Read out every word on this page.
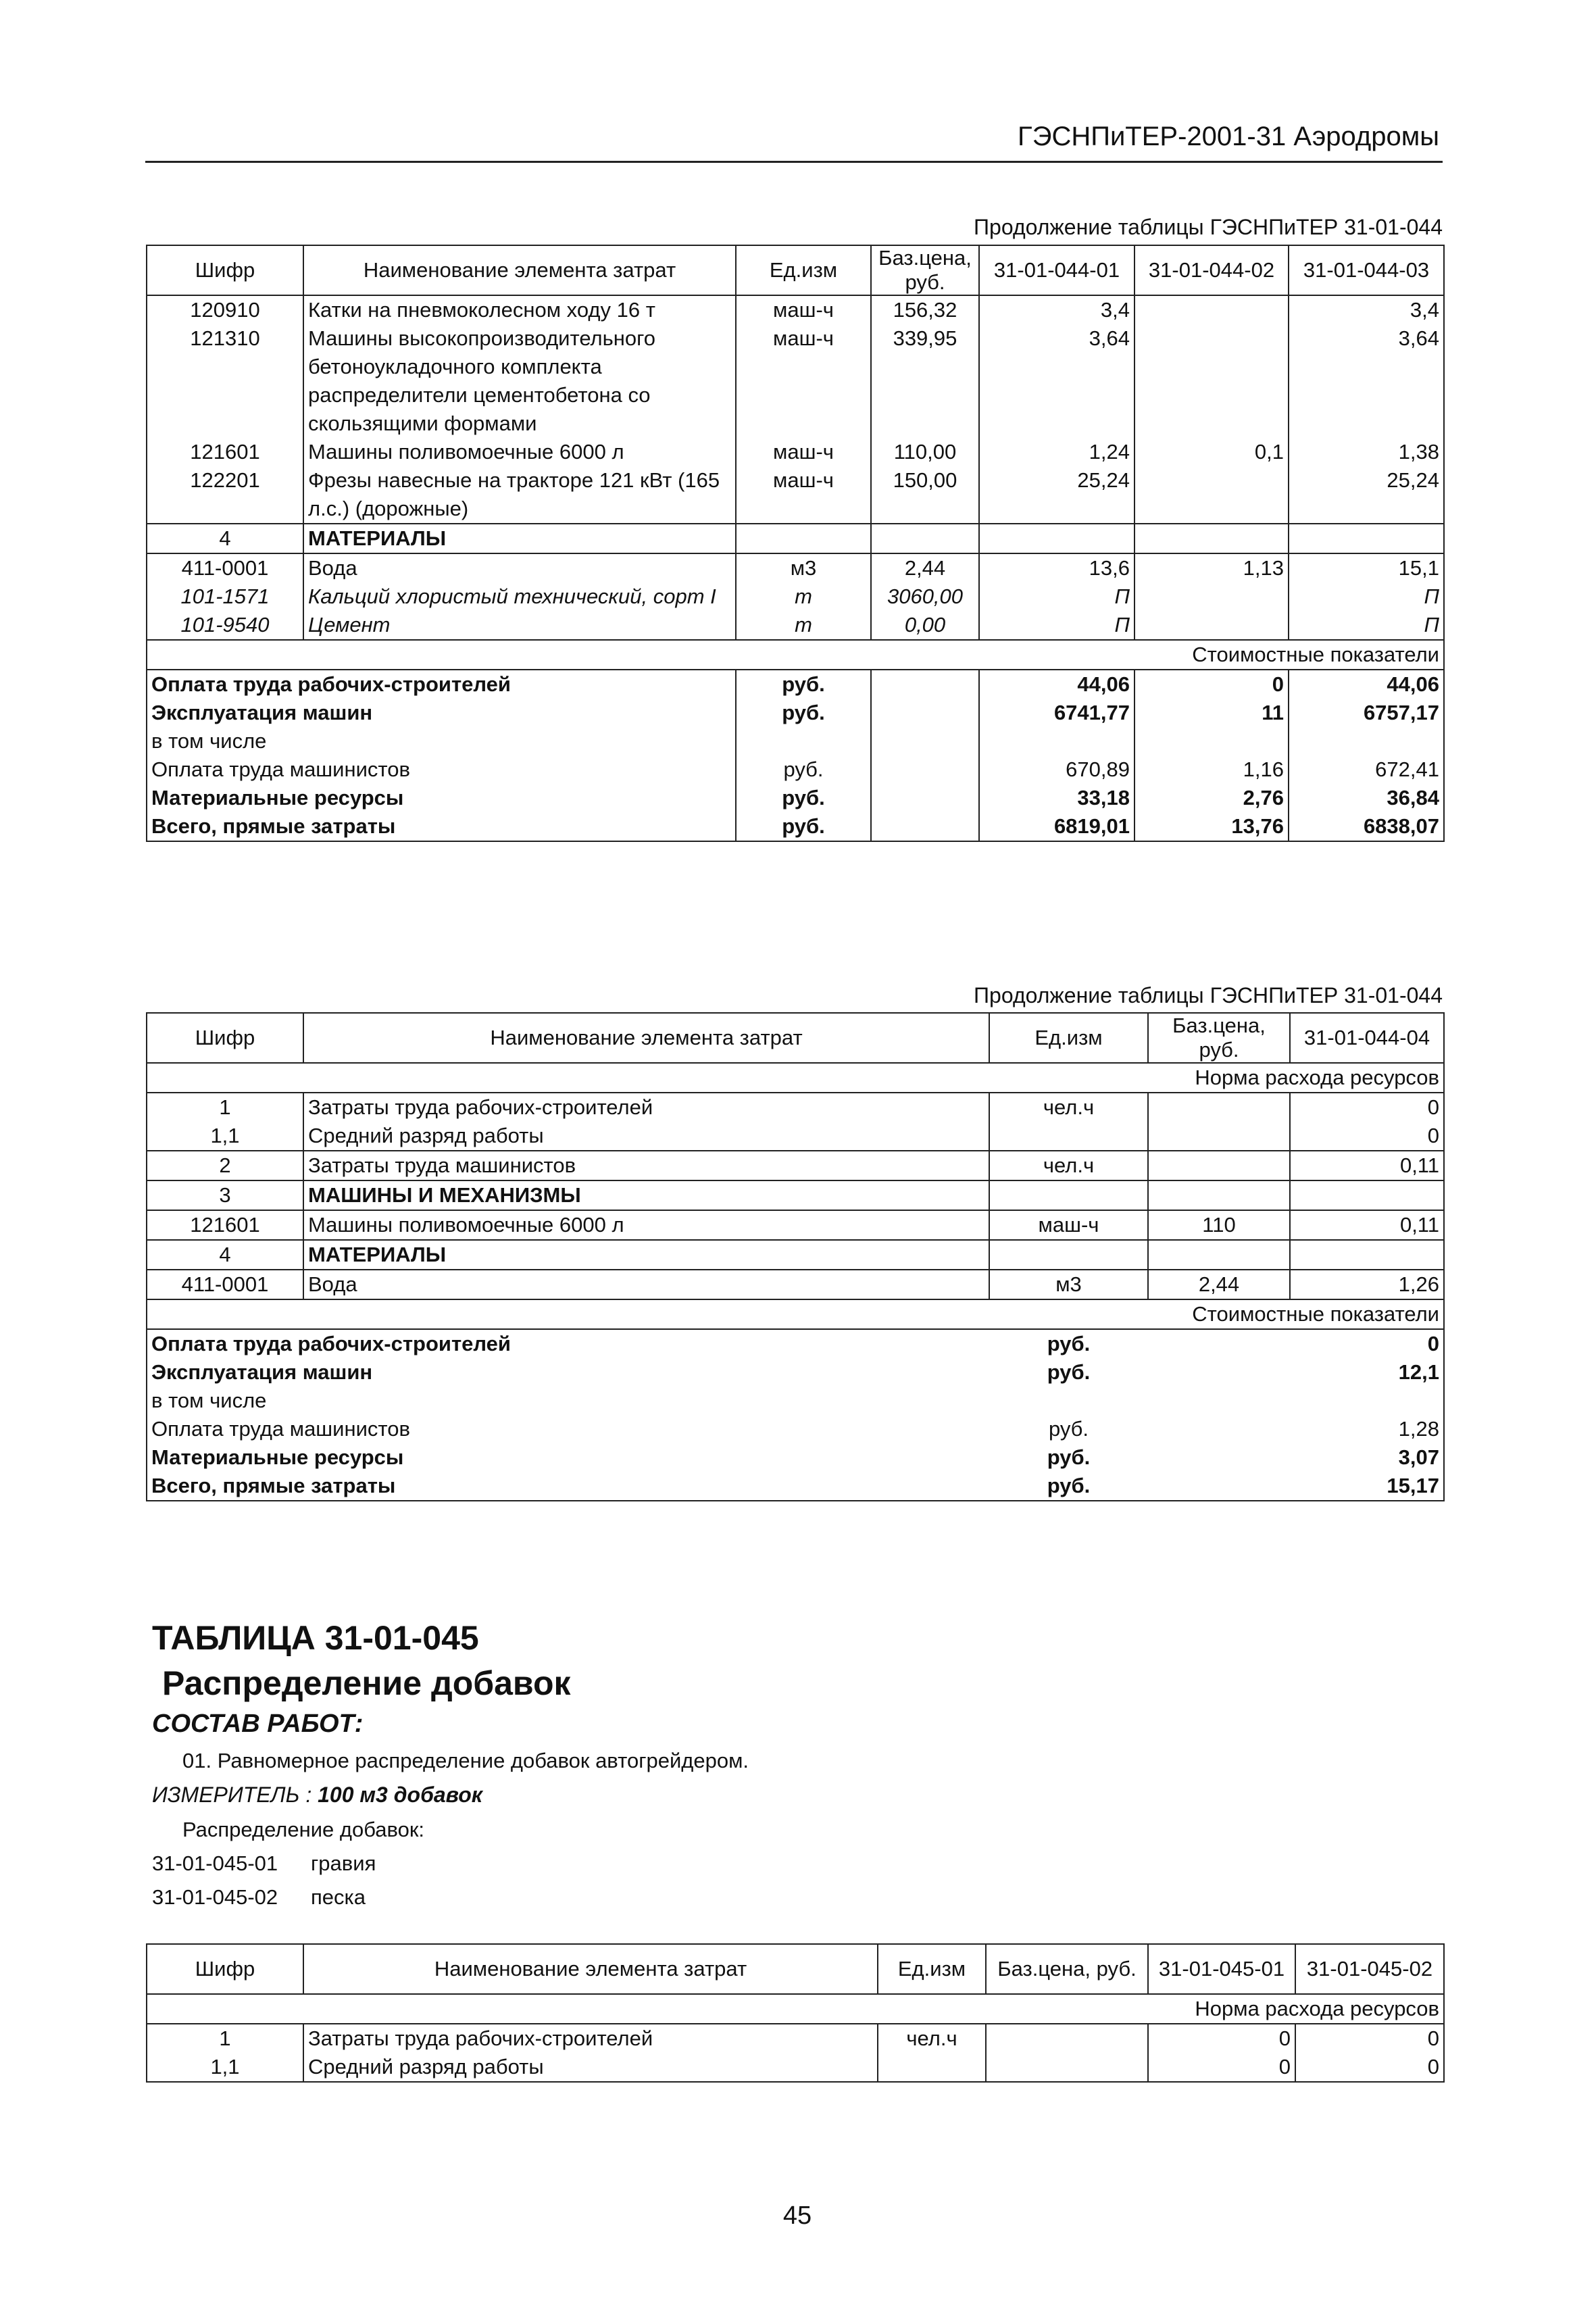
ГЭСНПиТЕР-2001-31 Аэродромы
Продолжение таблицы ГЭСНПиТЕР 31-01-044
Шифр	Наименование элемента затрат	Ед.изм	Баз.цена, руб.	31-01-044-01	31-01-044-02	31-01-044-03
120910	Катки на пневмоколесном ходу 16 т	маш-ч	156,32	3,4		3,4
121310	Машины высокопроизводительного бетоноукладочного комплекта распределители цементобетона со скользящими формами	маш-ч	339,95	3,64		3,64
121601	Машины поливомоечные 6000 л	маш-ч	110,00	1,24	0,1	1,38
122201	Фрезы навесные на тракторе 121 кВт (165 л.с.) (дорожные)	маш-ч	150,00	25,24		25,24
4	МАТЕРИАЛЫ					
411-0001	Вода	м3	2,44	13,6	1,13	15,1
101-1571	Кальций хлористый технический, сорт I	т	3060,00	П		П
101-9540	Цемент	т	0,00	П		П
Стоимостные показатели						
Оплата труда рабочих-строителей		руб.		44,06	0	44,06
Эксплуатация машин		руб.		6741,77	11	6757,17
в том числе						
Оплата труда машинистов		руб.		670,89	1,16	672,41
Материальные ресурсы		руб.		33,18	2,76	36,84
Всего, прямые затраты		руб.		6819,01	13,76	6838,07
Продолжение таблицы ГЭСНПиТЕР 31-01-044
Шифр	Наименование элемента затрат	Ед.изм	Баз.цена, руб.	31-01-044-04
Норма расхода ресурсов				
1	Затраты труда рабочих-строителей	чел.ч		0
1,1	Средний разряд работы			0
2	Затраты труда машинистов	чел.ч		0,11
3	МАШИНЫ И МЕХАНИЗМЫ			
121601	Машины поливомоечные 6000 л	маш-ч	110	0,11
4	МАТЕРИАЛЫ			
411-0001	Вода	м3	2,44	1,26
Стоимостные показатели				
Оплата труда рабочих-строителей		руб.		0
Эксплуатация машин		руб.		12,1
в том числе				
Оплата труда машинистов		руб.		1,28
Материальные ресурсы		руб.		3,07
Всего, прямые затраты		руб.		15,17
ТАБЛИЦА 31-01-045
Распределение добавок
СОСТАВ РАБОТ:
01. Равномерное распределение добавок автогрейдером.
ИЗМЕРИТЕЛЬ : 100 м3 добавок
Распределение добавок:
31-01-045-01 гравия
31-01-045-02 песка
Шифр	Наименование элемента затрат	Ед.изм	Баз.цена, руб.	31-01-045-01	31-01-045-02
Норма расхода ресурсов					
1	Затраты труда рабочих-строителей	чел.ч		0	0
1,1	Средний разряд работы			0	0
45
